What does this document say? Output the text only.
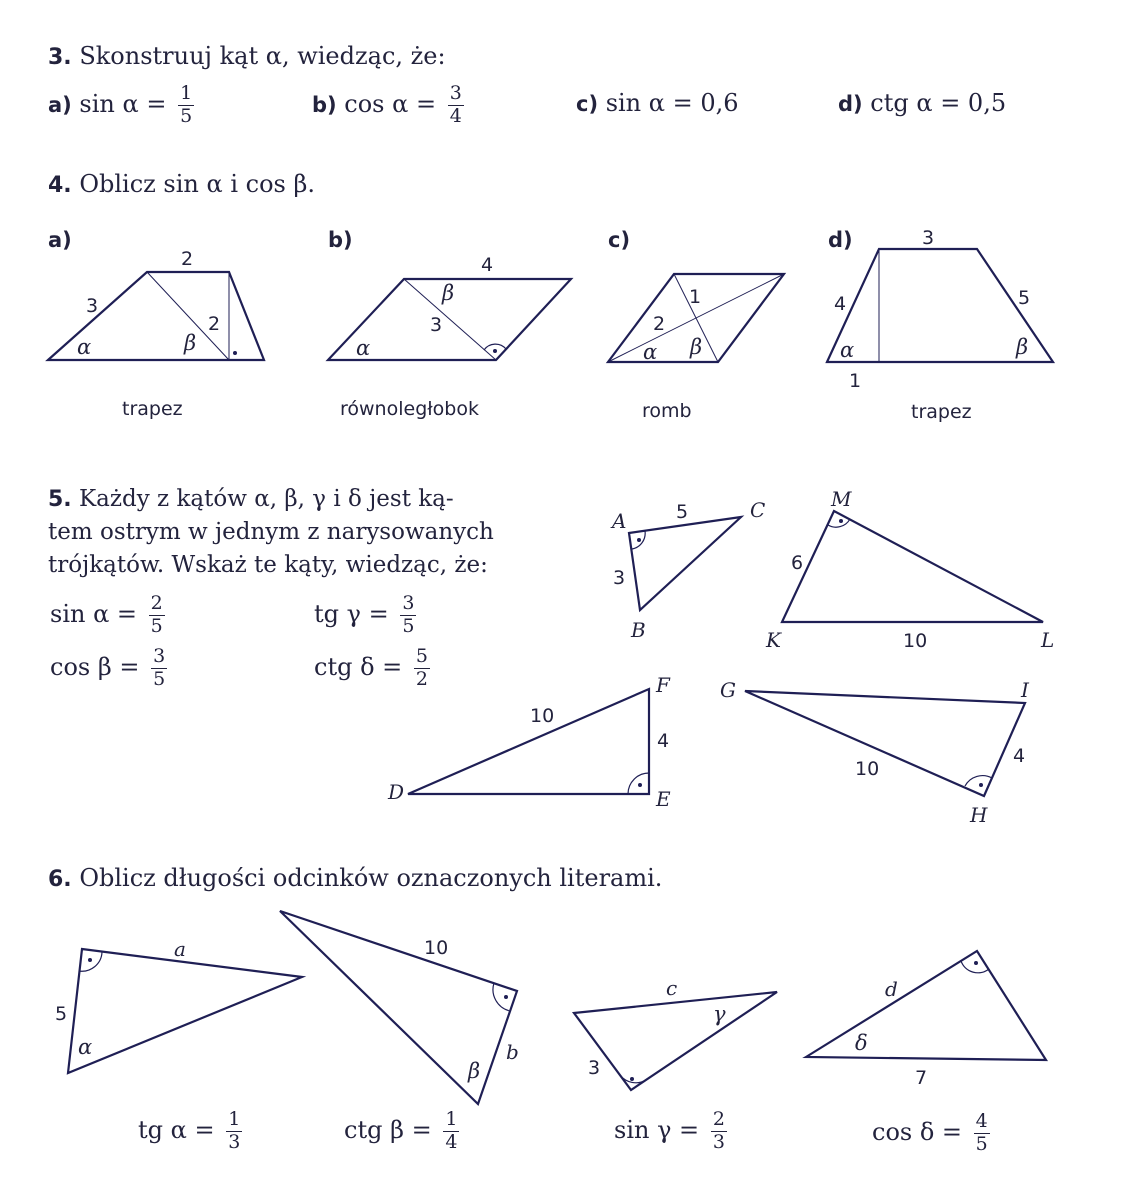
3. Skonstruuj kąt α, wiedząc, że:
a) $\sin \alpha = \frac{1}{5}$	b) $\cos \alpha = \frac{3}{4}$	c) sin α = 0,6	d) ctg α = 0,5
4. Oblicz sin α i cos β.
a)	b)	c)	d)
trapez	równoległobok	romb	trapez
5. Każdy z kątów α, β, γ i δ jest ką-
tem ostrym w jednym z narysowanych
trójkątów. Wskaż te kąty, wiedząc, że:
$\sin \alpha = \frac{2}{5}$	tg $\gamma = \frac{3}{5}$
$\cos \beta = \frac{3}{5}$	ctg $\delta = \frac{5}{2}$
6. Oblicz długości odcinków oznaczonych literami.
tg $\alpha = \frac{1}{3}$	ctg $\beta = \frac{1}{4}$	$\sin \gamma = \frac{2}{3}$	$\cos \delta = \frac{4}{5}$
2
3
2
α	β
4
3
β
α
1
2
α β
3
4	5
1
α	β
A
B
C
5
3
M
K	L
6
10
D	E
F
10
4
G
H
I
10
4
5
a
α
10
b
β
c
3
γ
d
δ
7
